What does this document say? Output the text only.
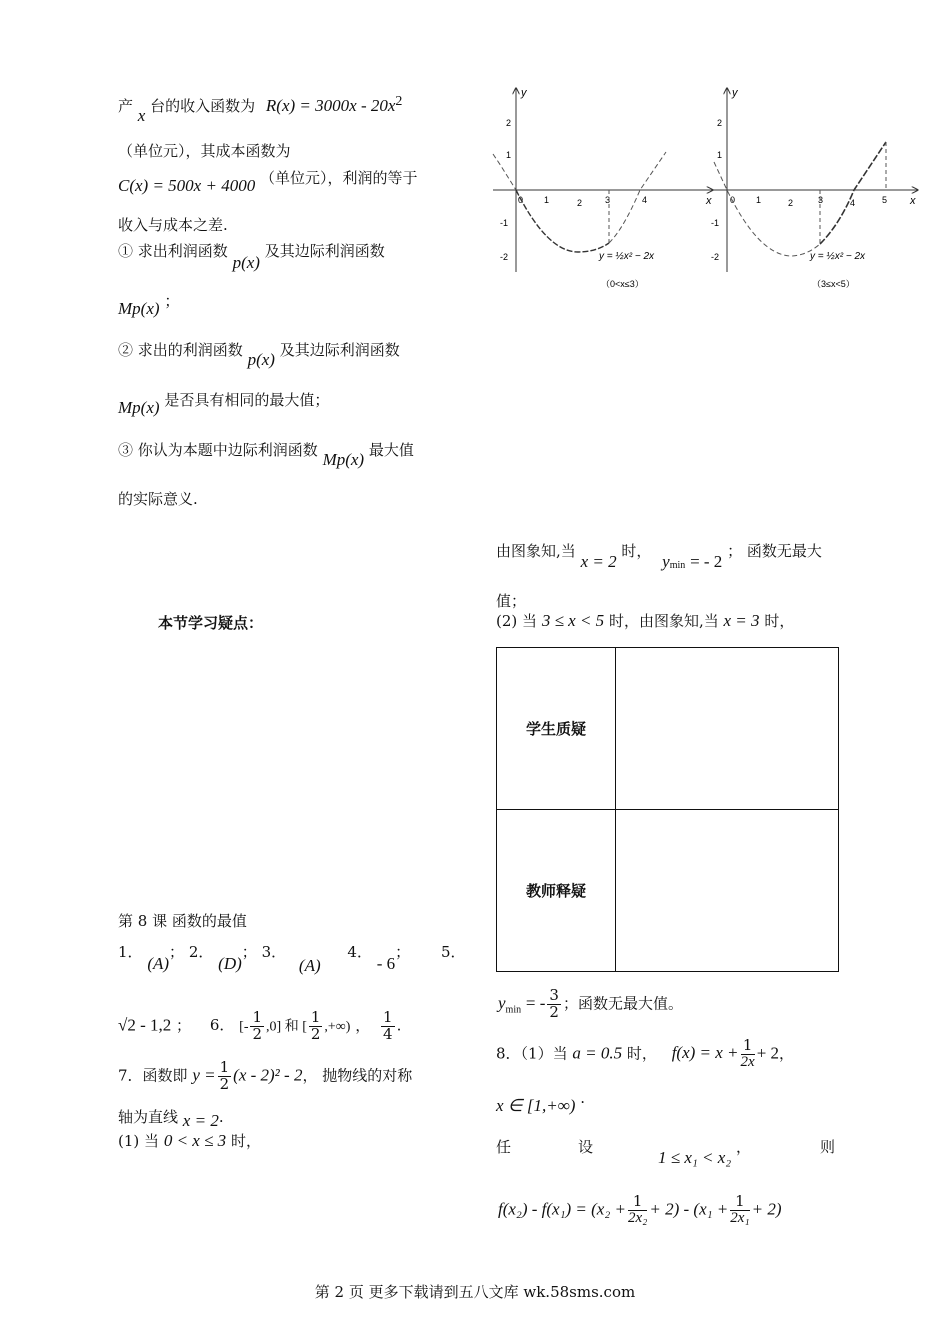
产 x 台的收入函数为 $R(x) = 3000x - 20x^2$
（单位元），其成本函数为
C(x) = 500x + 4000 （单位元），利润的等于
收入与成本之差.
① 求出利润函数 p(x) 及其边际利润函数
Mp(x) ；
② 求出的利润函数 p(x) 及其边际利润函数
Mp(x) 是否具有相同的最大值；
③ 你认为本题中边际利润函数 Mp(x) 最大值
的实际意义.
本节学习疑点：
第 8 课 函数的最值
1． (A)； 2． (D)； 3． (A) 4． - 6； 5．
√2 - 1,2 ； 6． [- $\frac{1}{2} ,0$] 和 [ $\frac{1}{2}$ ,+∞) ， $\frac{1}{4}$ .
7．函数即 $y = \frac{1}{2} (x - 2)^2 - 2$， 抛物线的对称
轴为直线 x = 2.
(1) 当 0 < x ≤ 3 时，
y
x
0 1	2	3	4
2
1
-1
-2	y = ½x² − 2x
（0<x≤3）
y
x
0 1	2	3	4	5
2
1
-1
-2	y = ½x² − 2x
（3≤x<5）
由图象知,当 x = 2 时， $y_{min}$ = - 2 ； 函数无最大
值；
(2) 当 3 ≤ x < 5 时，由图象知,当 x = 3 时，
学生质疑	
教师释疑	
$y_{min}$ = - $\frac{3}{2}$ ；函数无最大值。
8．（1）当 a = 0.5 时， $f(x) = x + \frac{1}{2x} + 2$，
x ∈ [1,+∞) .
任	设
1 ≤ x₁ < x₂
，	则
$f(x_2) - f(x_1) = (x_2 + \frac{1}{\text{2x₂}} + 2) - (x_1 + \frac{1}{\text{2x₁}} + 2)$
第 2 页 更多下载请到五八文库 wk.58sms.com
